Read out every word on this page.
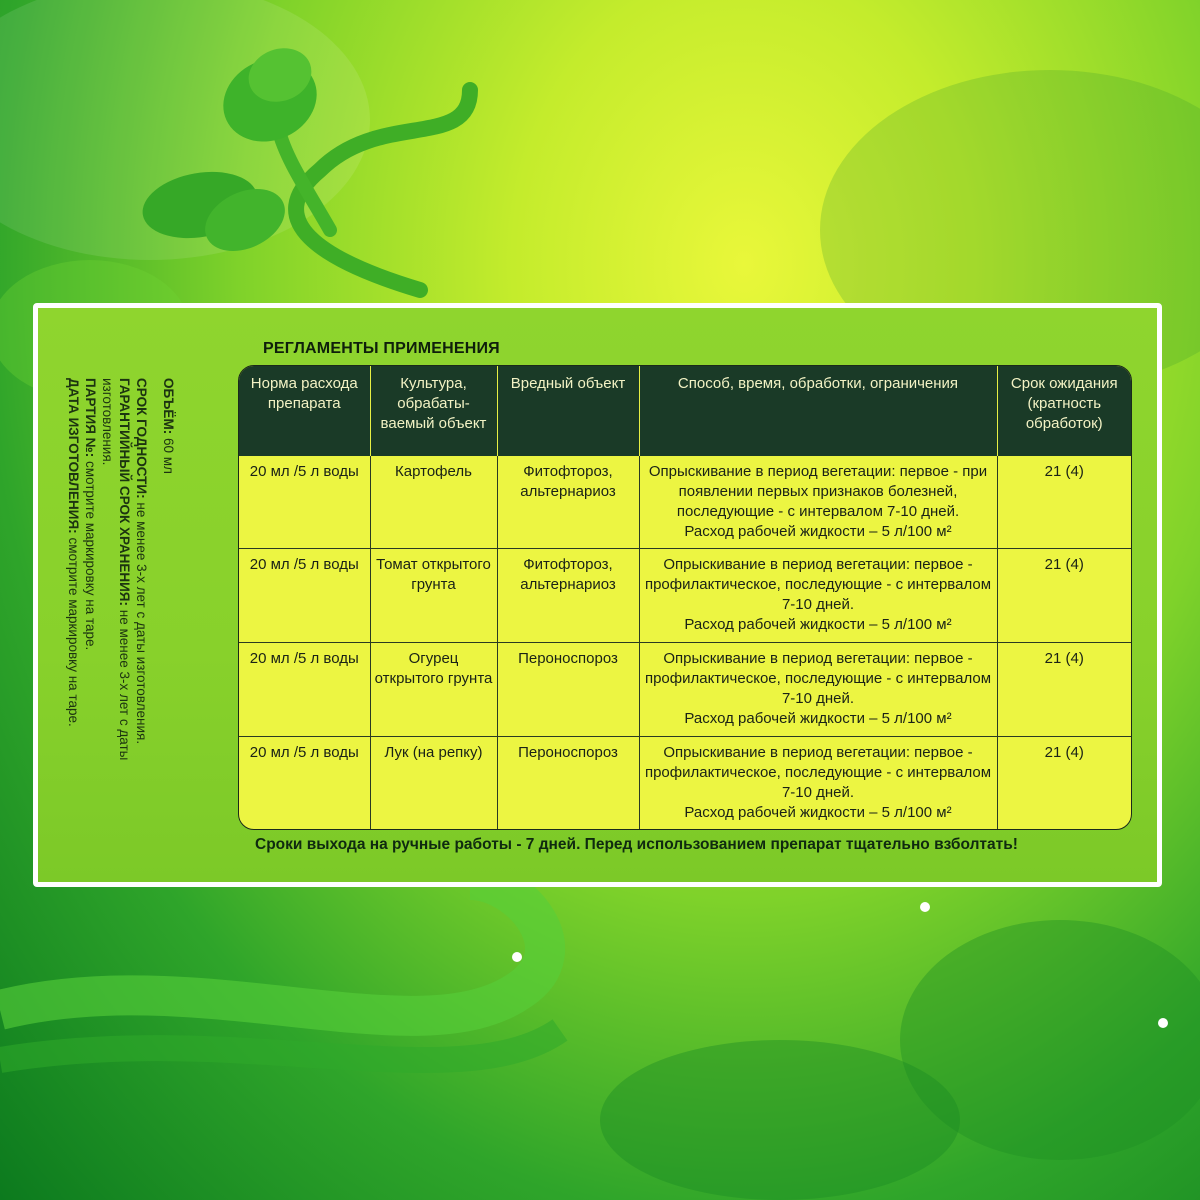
ОБЪЁМ: 60 мл

СРОК ГОДНОСТИ: не менее 3-х лет с даты изготовления.

ГАРАНТИЙНЫЙ СРОК ХРАНЕНИЯ: не менее 3-х лет с даты изготовления.

ПАРТИЯ №: смотрите маркировку на таре.

ДАТА ИЗГОТОВЛЕНИЯ: смотрите маркировку на таре.

РЕГЛАМЕНТЫ ПРИМЕНЕНИЯ
Норма расхода препарата	Культура, обрабаты-ваемый объект	Вредный объект	Способ, время, обработки, ограничения	Срок ожидания (кратность обработок)
20 мл /5 л воды	Картофель	Фитофтороз, альтернариоз	Опрыскивание в период вегетации: первое - при появлении первых признаков болезней, последующие - с интервалом 7-10 дней.
Расход рабочей жидкости – 5 л/100 м²	21 (4)
20 мл /5 л воды	Томат открытого грунта	Фитофтороз, альтернариоз	Опрыскивание в период вегетации: первое - профилактическое, последующие - с интервалом 7-10 дней.
Расход рабочей жидкости – 5 л/100 м²	21 (4)
20 мл /5 л воды	Огурец открытого грунта	Пероноспороз	Опрыскивание в период вегетации: первое - профилактическое, последующие - с интервалом 7-10 дней.
Расход рабочей жидкости – 5 л/100 м²	21 (4)
20 мл /5 л воды	Лук (на репку)	Пероноспороз	Опрыскивание в период вегетации: первое - профилактическое, последующие - с интервалом 7-10 дней.
Расход рабочей жидкости – 5 л/100 м²	21 (4)

Сроки выхода на ручные работы - 7 дней. Перед использованием препарат тщательно взболтать!
